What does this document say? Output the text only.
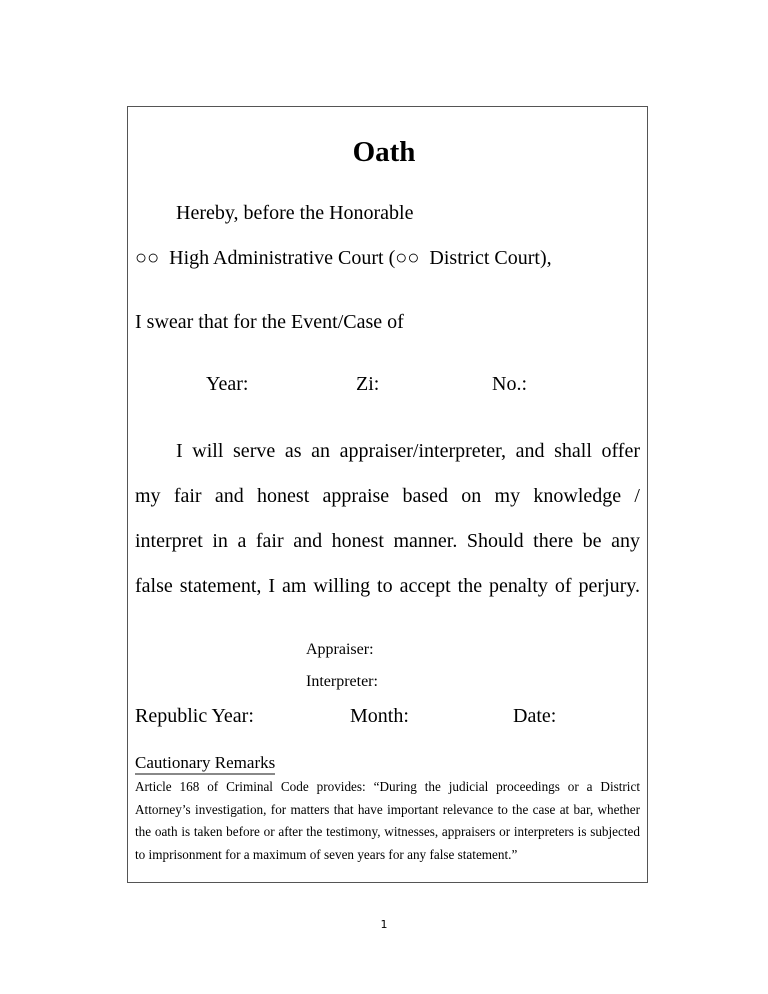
Oath
Hereby, before the Honorable
○○  High Administrative Court (○○  District Court),
I swear that for the Event/Case of
Year:	Zi:	No.:
I will serve as an appraiser/interpreter, and shall offer
my fair and honest appraise based on my knowledge /
interpret in a fair and honest manner. Should there be any
false statement, I am willing to accept the penalty of perjury.
Appraiser:
Interpreter:
Republic Year:	Month:	Date:
Cautionary Remarks
Article 168 of Criminal Code provides: “During the judicial proceedings or a District Attorney’s investigation, for matters that have important relevance to the case at bar, whether the oath is taken before or after the testimony, witnesses, appraisers or interpreters is subjected to imprisonment for a maximum of seven years for any false statement.”
1
